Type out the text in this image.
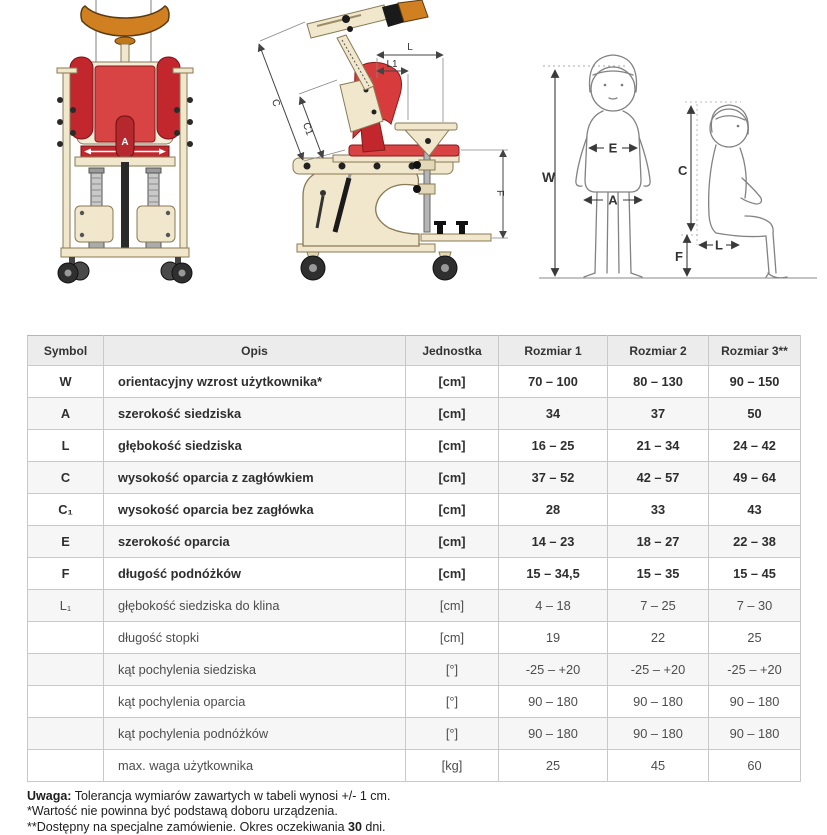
A
L
L1
C
C1
F
W
E
A
C
L
F
Symbol	Opis	Jednostka	Rozmiar 1	Rozmiar 2	Rozmiar 3**
W	orientacyjny wzrost użytkownika*	[cm]	70 – 100	80 – 130	90 – 150
A	szerokość siedziska	[cm]	34	37	50
L	głębokość siedziska	[cm]	16 – 25	21 – 34	24 – 42
C	wysokość oparcia z zagłówkiem	[cm]	37 – 52	42 – 57	49 – 64
C₁	wysokość oparcia bez zagłówka	[cm]	28	33	43
E	szerokość oparcia	[cm]	14 – 23	18 – 27	22 – 38
F	długość podnóżków	[cm]	15 – 34,5	15 – 35	15 – 45
L₁	głębokość siedziska do klina	[cm]	4 – 18	7 – 25	7 – 30
	długość stopki	[cm]	19	22	25
	kąt pochylenia siedziska	[°]	-25 – +20	-25 – +20	-25 – +20
	kąt pochylenia oparcia	[°]	90 – 180	90 – 180	90 – 180
	kąt pochylenia podnóżków	[°]	90 – 180	90 – 180	90 – 180
	max. waga użytkownika	[kg]	25	45	60
Uwaga: Tolerancja wymiarów zawartych w tabeli wynosi +/- 1 cm.
*Wartość nie powinna być podstawą doboru urządzenia.
**Dostępny na specjalne zamówienie. Okres oczekiwania 30 dni.
